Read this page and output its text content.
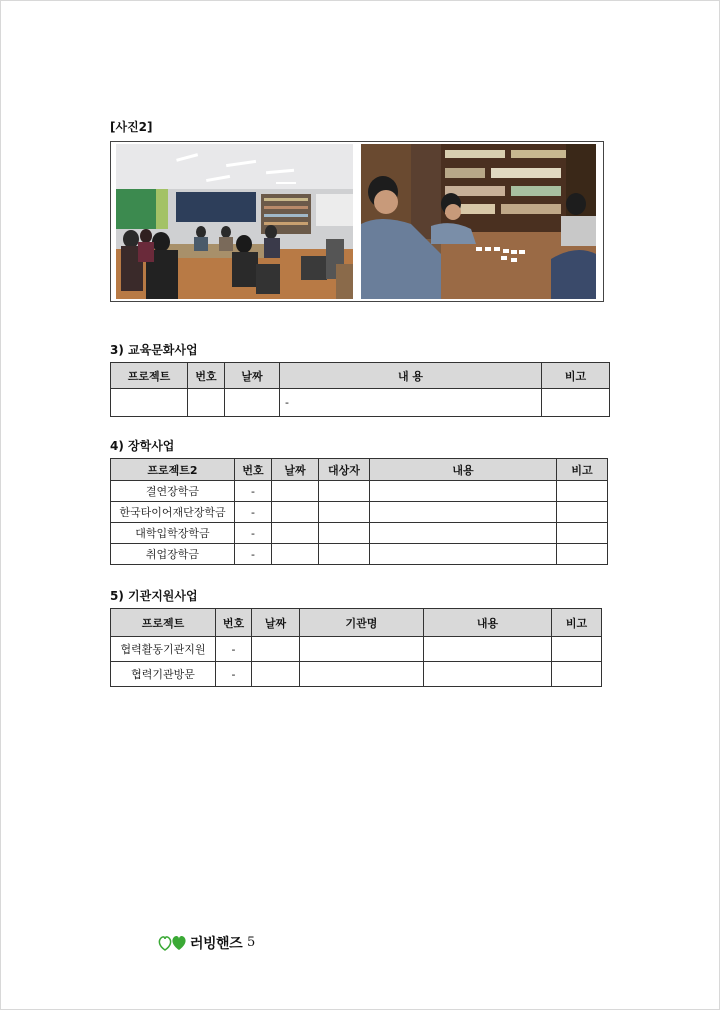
[사진2]
3) 교육문화사업
프로젝트	번호	날짜	내 용	비고
			-	
4) 장학사업
프로젝트2	번호	날짜	대상자	내용	비고
결연장학금	-				
한국타이어재단장학금	-				
대학입학장학금	-				
취업장학금	-				
5) 기관지원사업
프로젝트	번호	날짜	기관명	내용	비고
협력활동기관지원	-				
협력기관방문	-				
러빙핸즈 5
